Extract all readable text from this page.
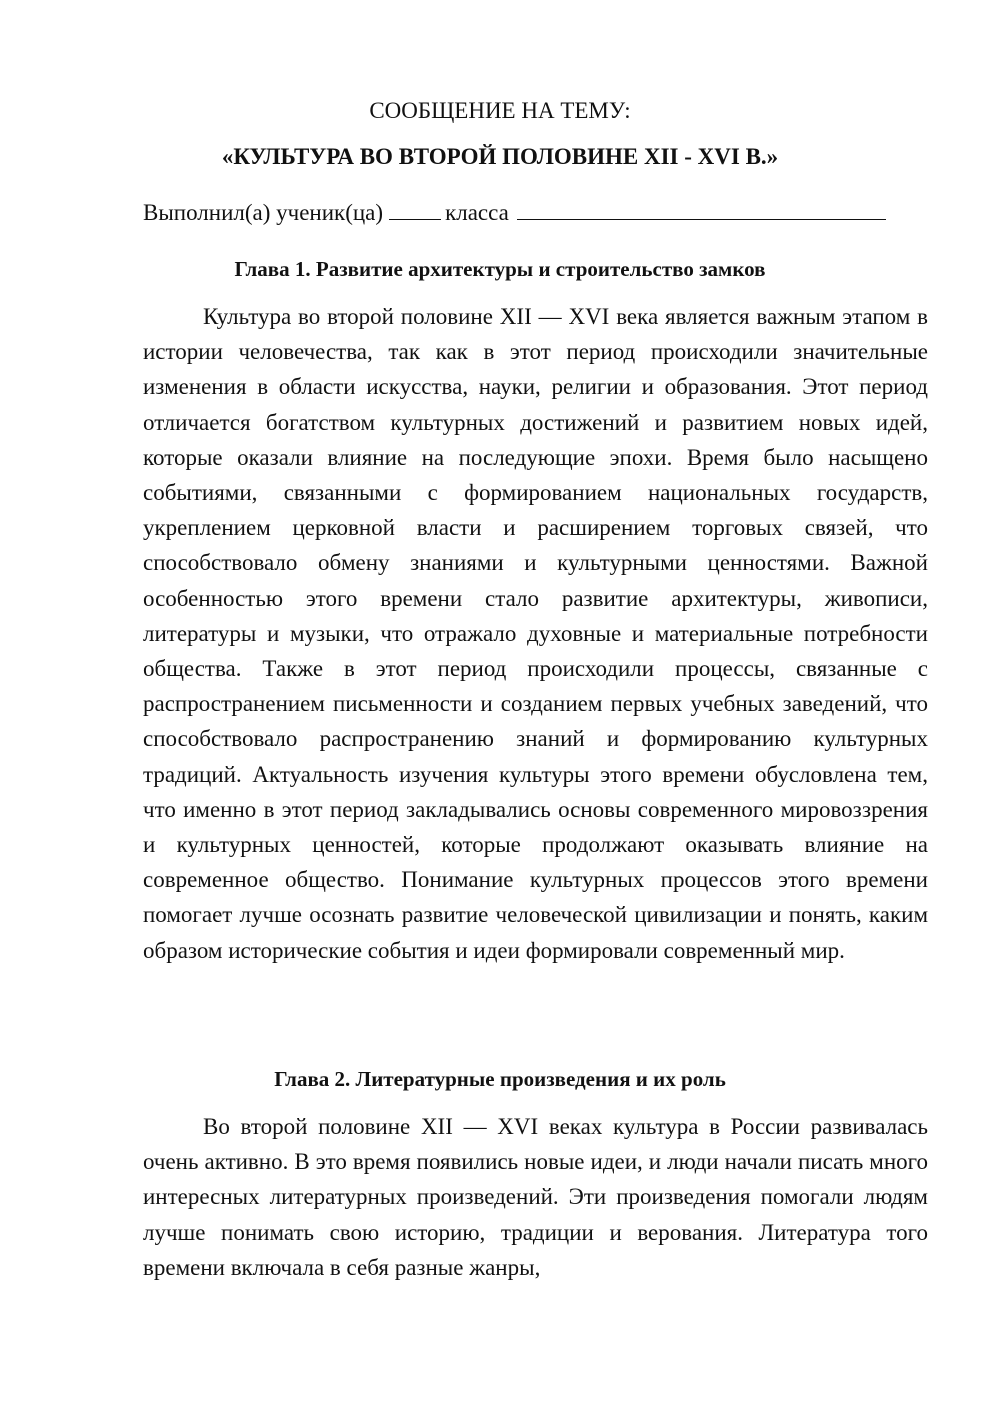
СООБЩЕНИЕ НА ТЕМУ:
«КУЛЬТУРА ВО ВТОРОЙ ПОЛОВИНЕ XII - XVI В.»
Выполнил(а) ученик(ца)	класса
Глава 1. Развитие архитектуры и строительство замков

Культура во второй половине XII — XVI века является важным этапом в истории человечества, так как в этот период происходили значительные изменения в области искусства, науки, религии и образования. Этот период отличается богатством культурных достижений и развитием новых идей, которые оказали влияние на последующие эпохи. Время было насыщено событиями, связанными с формированием национальных государств, укреплением церковной власти и расширением торговых связей, что способствовало обмену знаниями и культурными ценностями. Важной особенностью этого времени стало развитие архитектуры, живописи, литературы и музыки, что отражало духовные и материальные потребности общества. Также в этот период происходили процессы, связанные с распространением письменности и созданием первых учебных заведений, что способствовало распространению знаний и формированию культурных традиций. Актуальность изучения культуры этого времени обусловлена тем, что именно в этот период закладывались основы современного мировоззрения и культурных ценностей, которые продолжают оказывать влияние на современное общество. Понимание культурных процессов этого времени помогает лучше осознать развитие человеческой цивилизации и понять, каким образом исторические события и идеи формировали современный мир.

Глава 2. Литературные произведения и их роль

Во второй половине XII — XVI веках культура в России развивалась очень активно. В это время появились новые идеи, и люди начали писать много интересных литературных произведений. Эти произведения помогали людям лучше понимать свою историю, традиции и верования. Литература того времени включала в себя разные жанры,
